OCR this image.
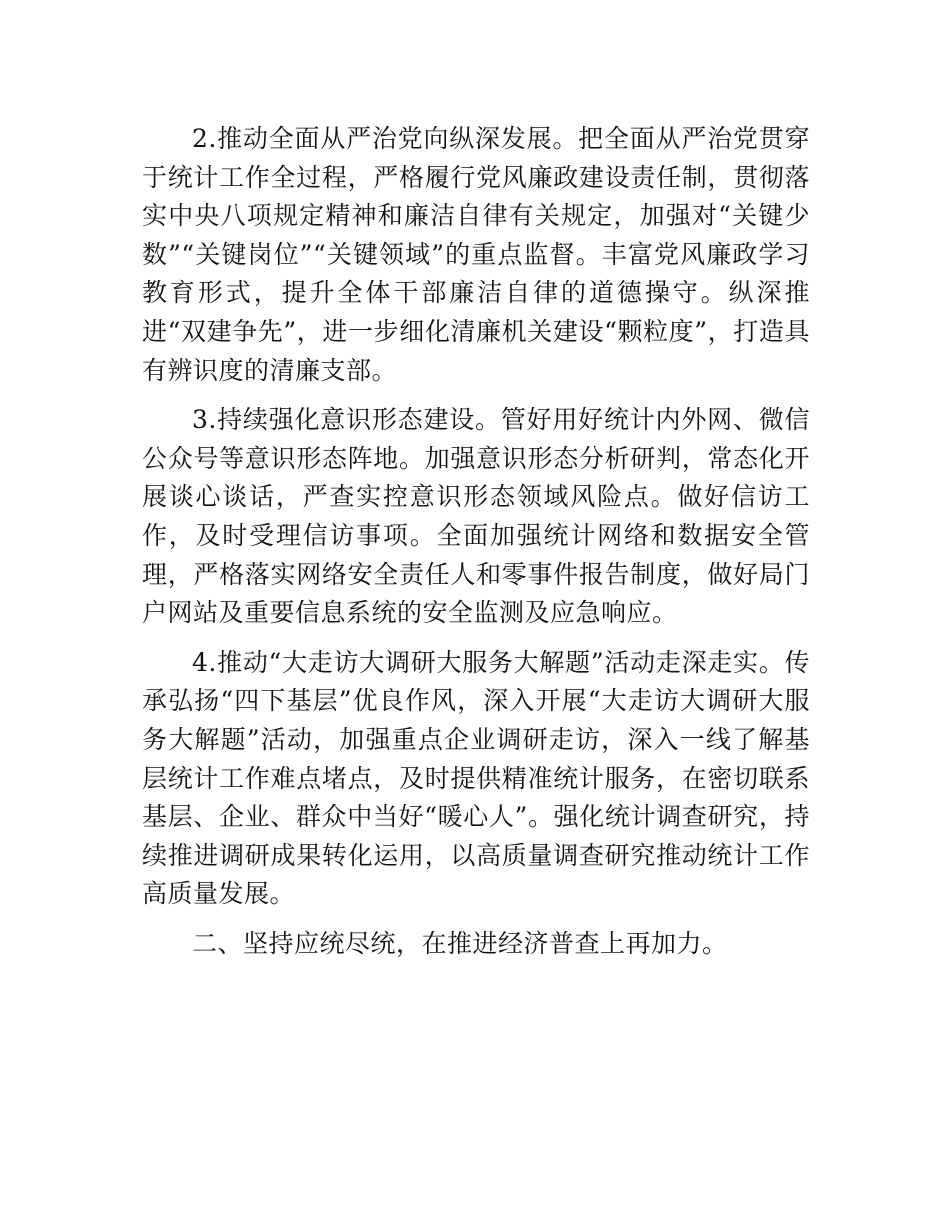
2.推动全面从严治党向纵深发展。把全面从严治党贯穿于统计工作全过程，严格履行党风廉政建设责任制，贯彻落实中央八项规定精神和廉洁自律有关规定，加强对“关键少数”“关键岗位”“关键领域”的重点监督。丰富党风廉政学习教育形式，提升全体干部廉洁自律的道德操守。纵深推进“双建争先”，进一步细化清廉机关建设“颗粒度”，打造具有辨识度的清廉支部。

3.持续强化意识形态建设。管好用好统计内外网、微信公众号等意识形态阵地。加强意识形态分析研判，常态化开展谈心谈话，严查实控意识形态领域风险点。做好信访工作，及时受理信访事项。全面加强统计网络和数据安全管理，严格落实网络安全责任人和零事件报告制度，做好局门户网站及重要信息系统的安全监测及应急响应。

4.推动“大走访大调研大服务大解题”活动走深走实。传承弘扬“四下基层”优良作风，深入开展“大走访大调研大服务大解题”活动，加强重点企业调研走访，深入一线了解基层统计工作难点堵点，及时提供精准统计服务，在密切联系基层、企业、群众中当好“暖心人”。强化统计调查研究，持续推进调研成果转化运用，以高质量调查研究推动统计工作高质量发展。

二、坚持应统尽统，在推进经济普查上再加力。
